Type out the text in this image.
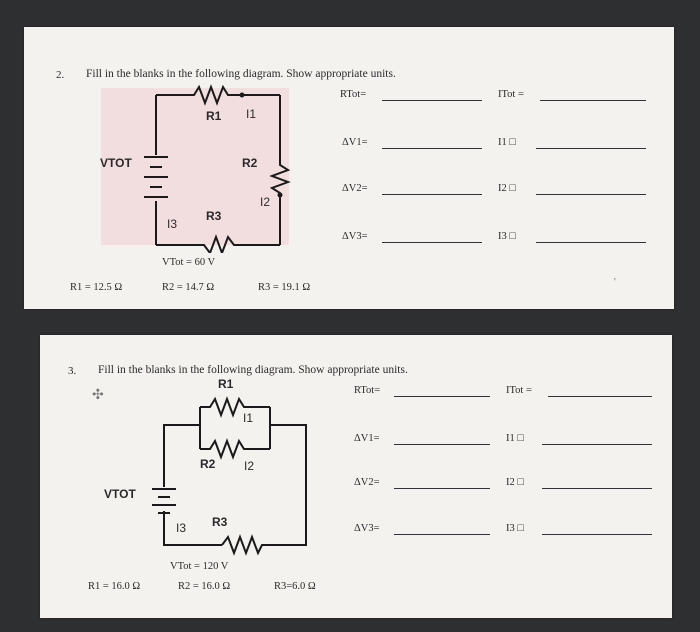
2. Fill in the blanks in the following diagram. Show appropriate units.
R1 I1
VTOT	R2
I2
R3
I3
VTot = 60 V
R1 = 12.5 Ω	R2 = 14.7 Ω	R3 = 19.1 Ω
RTot=	ITot =
ΔV1=	I1 □
ΔV2=	I2 □
ΔV3=	I3 □
'
3. Fill in the blanks in the following diagram. Show appropriate units.
✣
R1
I1
R2 I2
VTOT
R3
I3
VTot = 120 V
R1 = 16.0 Ω	R2 = 16.0 Ω	R3=6.0 Ω
RTot=	ITot =
ΔV1=	I1 □
ΔV2=	I2 □
ΔV3=	I3 □
